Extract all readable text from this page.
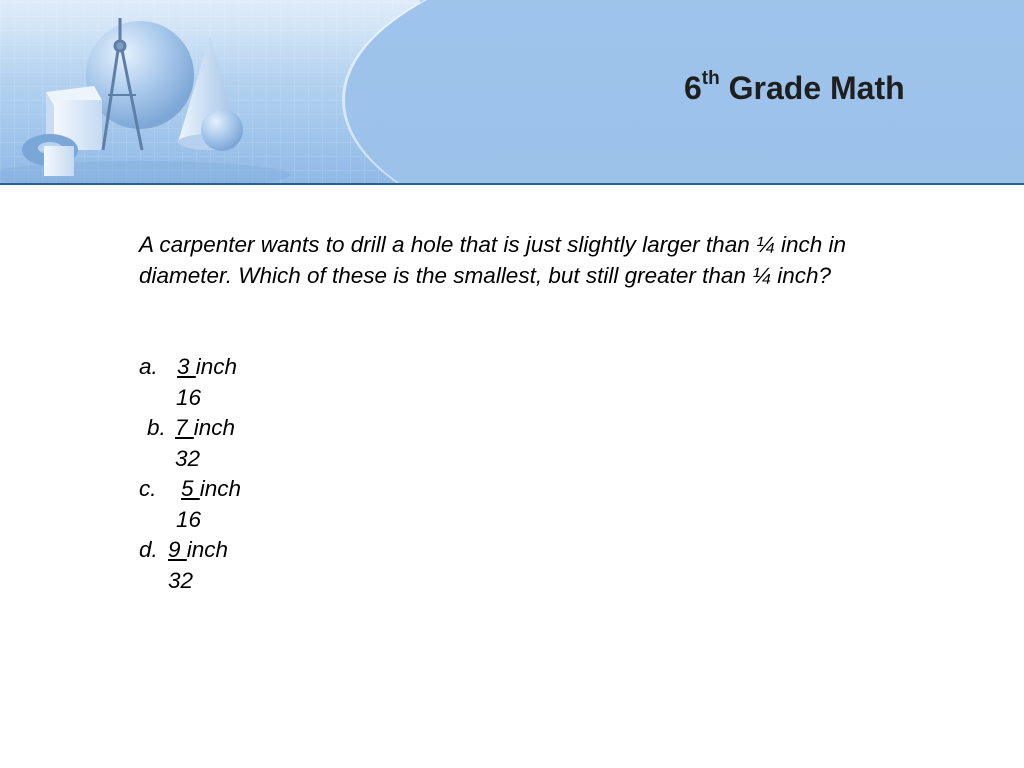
6th Grade Math
A carpenter wants to drill a hole that is just slightly larger than ¼ inch in diameter. Which of these is the smallest, but still greater than ¼ inch?
a. 3 inch
16
b. 7 inch
32
c. 5 inch
16
d. 9 inch
32
